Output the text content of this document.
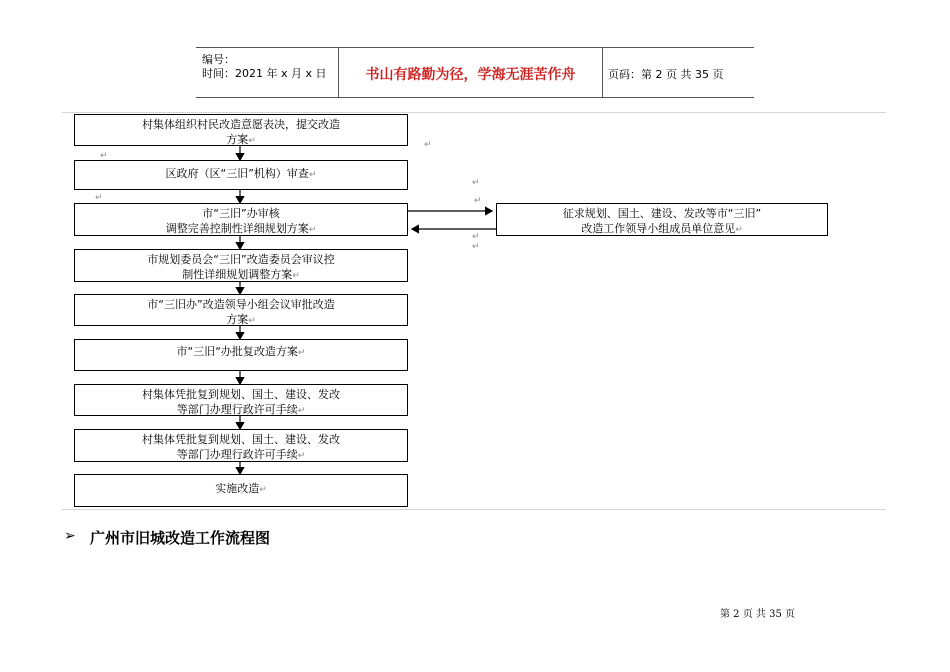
编号：
时间：2021 年 x 月 x 日	书山有路勤为径，学海无涯苦作舟	页码：第 2 页 共 35 页
村集体组织村民改造意愿表决，提交改造
方案↵
区政府（区“三旧”机构）审查↵
市“三旧”办审核
调整完善控制性详细规划方案↵
市规划委员会“三旧”改造委员会审议控
制性详细规划调整方案↵
市“三旧办”改造领导小组会议审批改造
方案↵
市“三旧“办批复改造方案↵
村集体凭批复到规划、国土、建设、发改
等部门办理行政许可手续↵
村集体凭批复到规划、国土、建设、发改
等部门办理行政许可手续↵
实施改造↵
征求规划、国土、建设、发改等市“三旧”
改造工作领导小组成员单位意见↵
↵
↵
↵
↵	↵
↵
↵
➢ 广州市旧城改造工作流程图
第 2 页 共 35 页
